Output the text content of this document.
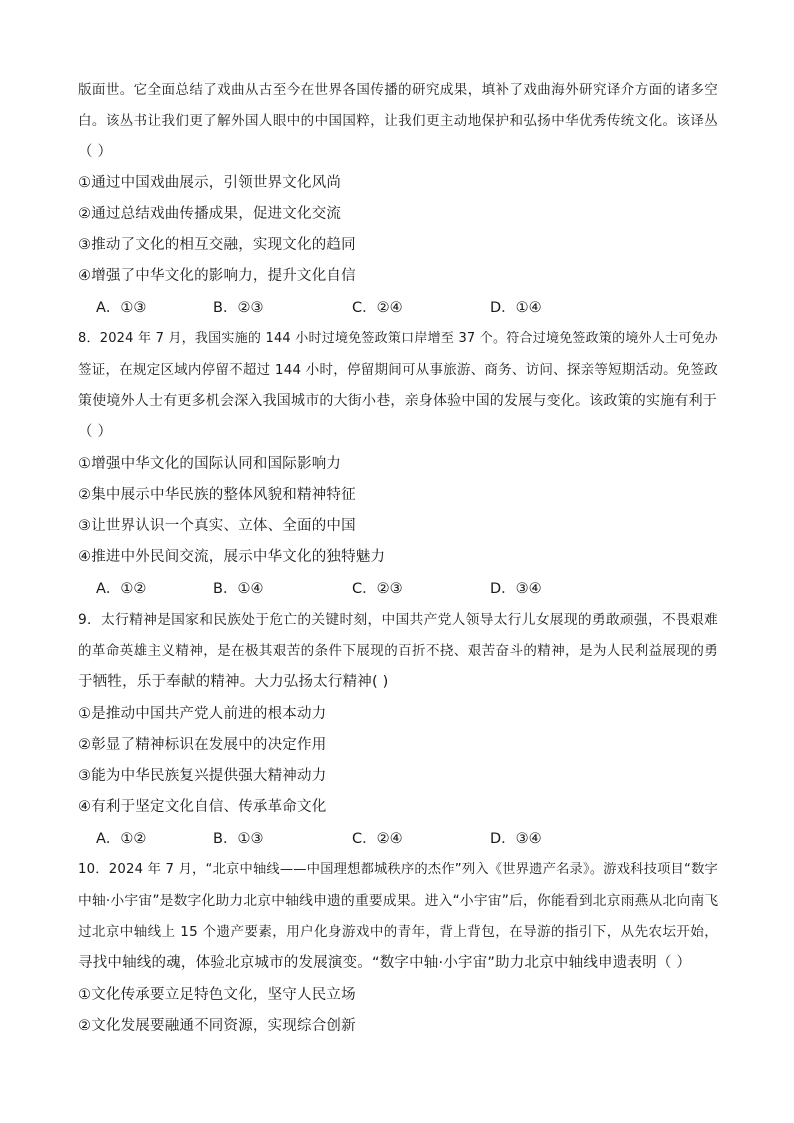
版面世。它全面总结了戏曲从古至今在世界各国传播的研究成果，填补了戏曲海外研究译介方面的诸多空
白。该丛书让我们更了解外国人眼中的中国国粹，让我们更主动地保护和弘扬中华优秀传统文化。该译丛
（ ）
①通过中国戏曲展示，引领世界文化风尚
②通过总结戏曲传播成果，促进文化交流
③推动了文化的相互交融，实现文化的趋同
④增强了中华文化的影响力，提升文化自信
A．①③	B．②③	C．②④	D．①④
8．2024 年 7 月，我国实施的 144 小时过境免签政策口岸增至 37 个。符合过境免签政策的境外人士可免办
签证，在规定区域内停留不超过 144 小时，停留期间可从事旅游、商务、访问、探亲等短期活动。免签政
策使境外人士有更多机会深入我国城市的大街小巷，亲身体验中国的发展与变化。该政策的实施有利于
（ ）
①增强中华文化的国际认同和国际影响力
②集中展示中华民族的整体风貌和精神特征
③让世界认识一个真实、立体、全面的中国
④推进中外民间交流，展示中华文化的独特魅力
A．①②	B．①④	C．②③	D．③④
9．太行精神是国家和民族处于危亡的关键时刻，中国共产党人领导太行儿女展现的勇敢顽强，不畏艰难
的革命英雄主义精神，是在极其艰苦的条件下展现的百折不挠、艰苦奋斗的精神，是为人民利益展现的勇
于牺牲，乐于奉献的精神。大力弘扬太行精神( )
①是推动中国共产党人前进的根本动力
②彰显了精神标识在发展中的决定作用
③能为中华民族复兴提供强大精神动力
④有利于坚定文化自信、传承革命文化
A．①②	B．①③	C．②④	D．③④
10．2024 年 7 月，“北京中轴线——中国理想都城秩序的杰作”列入《世界遗产名录》。游戏科技项目“数字
中轴·小宇宙”是数字化助力北京中轴线申遗的重要成果。进入“小宇宙”后，你能看到北京雨燕从北向南飞
过北京中轴线上 15 个遗产要素，用户化身游戏中的青年，背上背包，在导游的指引下，从先农坛开始，
寻找中轴线的魂，体验北京城市的发展演变。“数字中轴·小宇宙”助力北京中轴线申遗表明（ ）
①文化传承要立足特色文化，坚守人民立场
②文化发展要融通不同资源，实现综合创新
